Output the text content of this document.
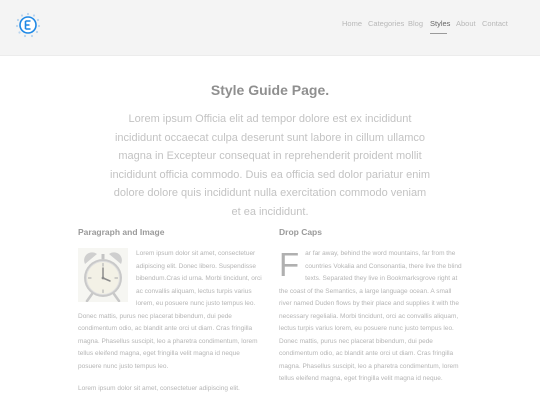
Home Categories Blog Styles About Contact
Style Guide Page.
Lorem ipsum Officia elit ad tempor dolore est ex incididunt incididunt occaecat culpa deserunt sunt labore in cillum ullamco magna in Excepteur consequat in reprehenderit proident mollit incididunt officia commodo. Duis ea officia sed dolor pariatur enim dolore dolore quis incididunt nulla exercitation commodo veniam et ea incididunt.
Paragraph and Image
Lorem ipsum dolor sit amet, consectetuer adipiscing elit. Donec libero. Suspendisse bibendum.Cras id urna. Morbi tincidunt, orci ac convallis aliquam, lectus turpis varius lorem, eu posuere nunc justo tempus leo. Donec mattis, purus nec placerat bibendum, dui pede condimentum odio, ac blandit ante orci ut diam. Cras fringilla magna. Phasellus suscipit, leo a pharetra condimentum, lorem tellus eleifend magna, eget fringilla velit magna id neque posuere nunc justo tempus leo.
Lorem ipsum dolor sit amet, consectetuer adipiscing elit.
Drop Caps
F ar far away, behind the word mountains, far from the countries Vokalia and Consonantia, there live the blind texts. Separated they live in Bookmarksgrove right at the coast of the Semantics, a large language ocean. A small river named Duden flows by their place and supplies it with the necessary regelialia. Morbi tincidunt, orci ac convallis aliquam, lectus turpis varius lorem, eu posuere nunc justo tempus leo. Donec mattis, purus nec placerat bibendum, dui pede condimentum odio, ac blandit ante orci ut diam. Cras fringilla magna. Phasellus suscipit, leo a pharetra condimentum, lorem tellus eleifend magna, eget fringilla velit magna id neque.
